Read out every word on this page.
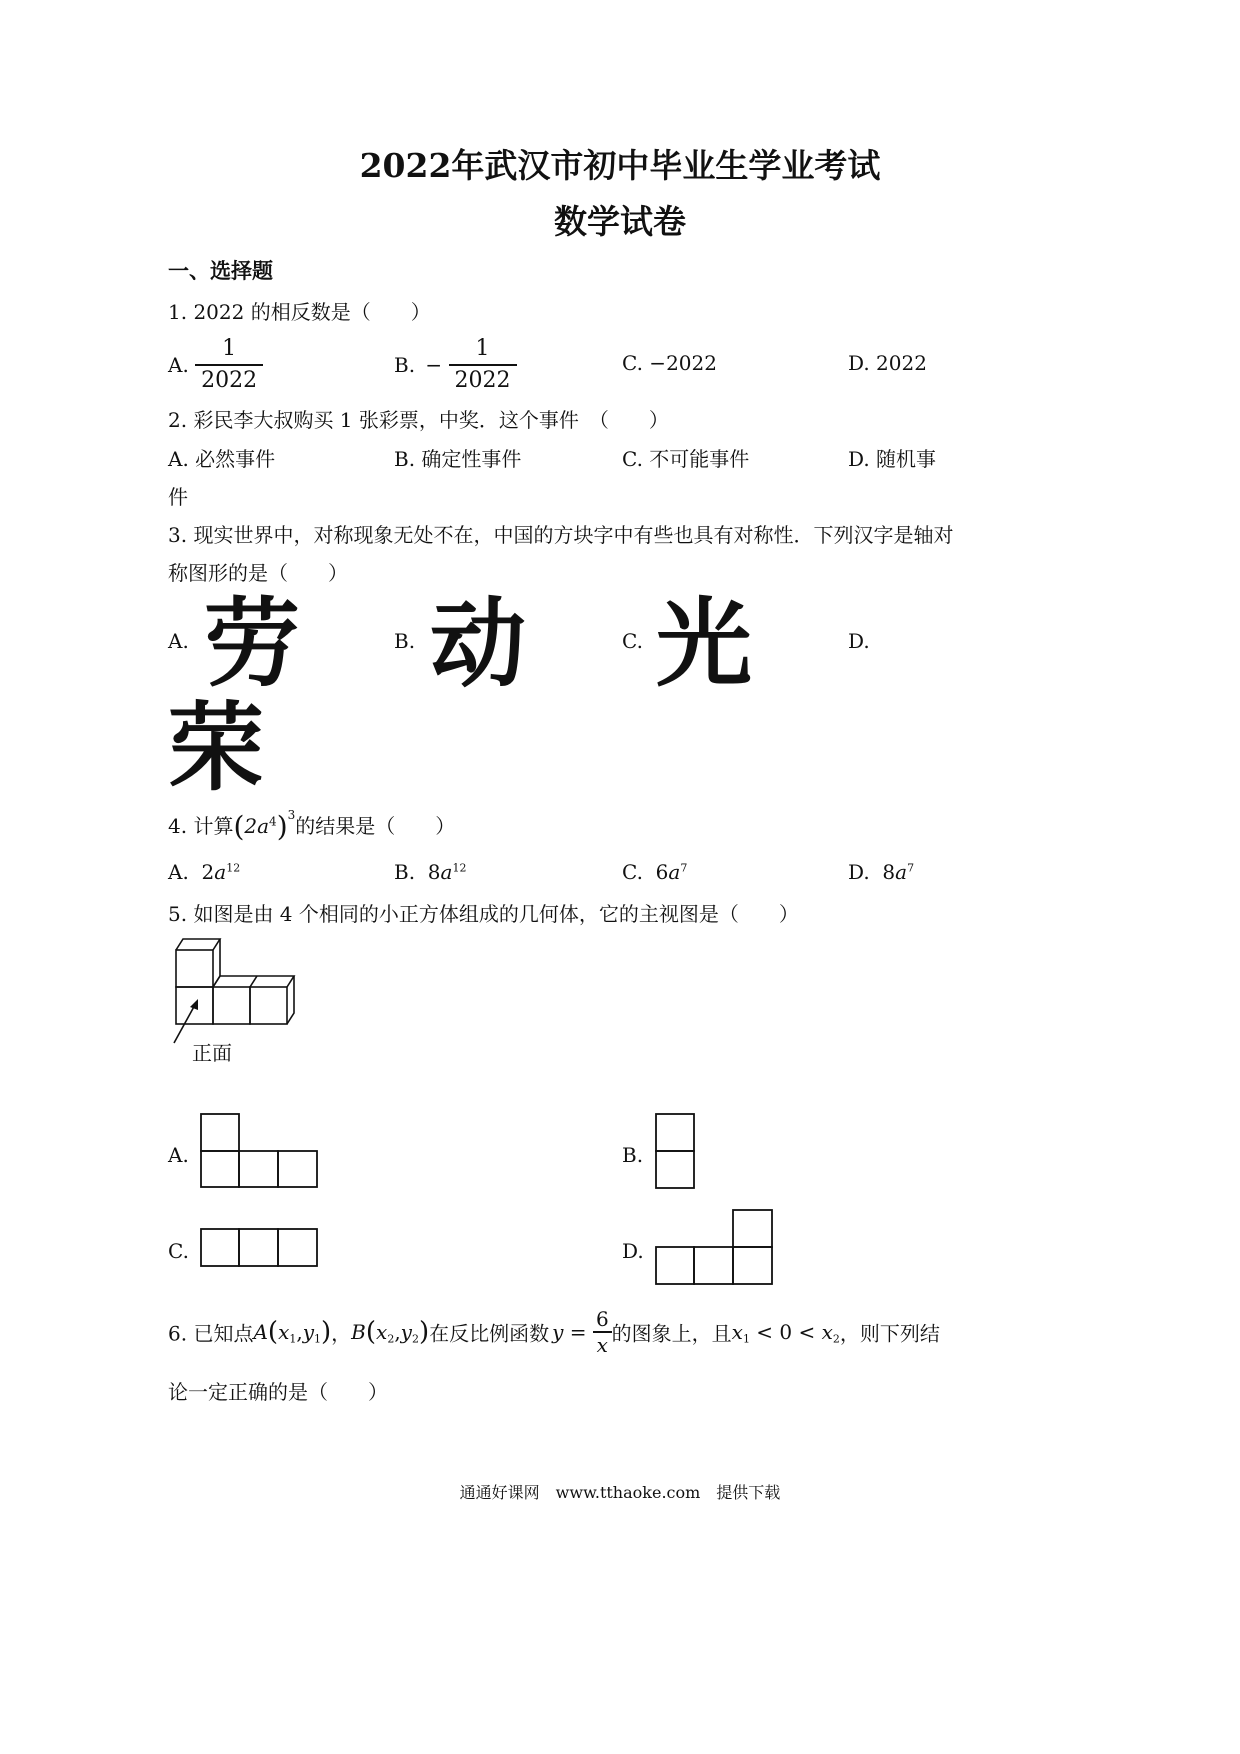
2022年武汉市初中毕业生学业考试
数学试卷
一、选择题
1. 2022 的相反数是（　　）
A. $\frac{1}{2022}$	B. − $\frac{1}{2022}$	C. −2022	D. 2022
2. 彩民李大叔购买 1 张彩票，中奖．这个事件　（　　）
A. 必然事件	B. 确定性事件	C. 不可能事件	D. 随机事
件
3. 现实世界中，对称现象无处不在，中国的方块字中有些也具有对称性．下列汉字是轴对
称图形的是（　　）
A. 劳	B. 动	C. 光	D.
荣
4. 计算$(2a^4)^3$的结果是（　　）
A. $2a^{12}$	B. $8a^{12}$	C. $6a^7$	D. $8a^7$
5. 如图是由 4 个相同的小正方体组成的几何体，它的主视图是（　　）
正面
A.	B.
C.	D.
6. 已知点$A(x_1,y_1)$，$B(x_2,y_2)$在反比例函数 $y = \frac{6}{x}$ 的图象上，且$x_1 < 0 < x_2$，则下列结
论一定正确的是（　　）
通通好课网　www.tthaoke.com　提供下载
